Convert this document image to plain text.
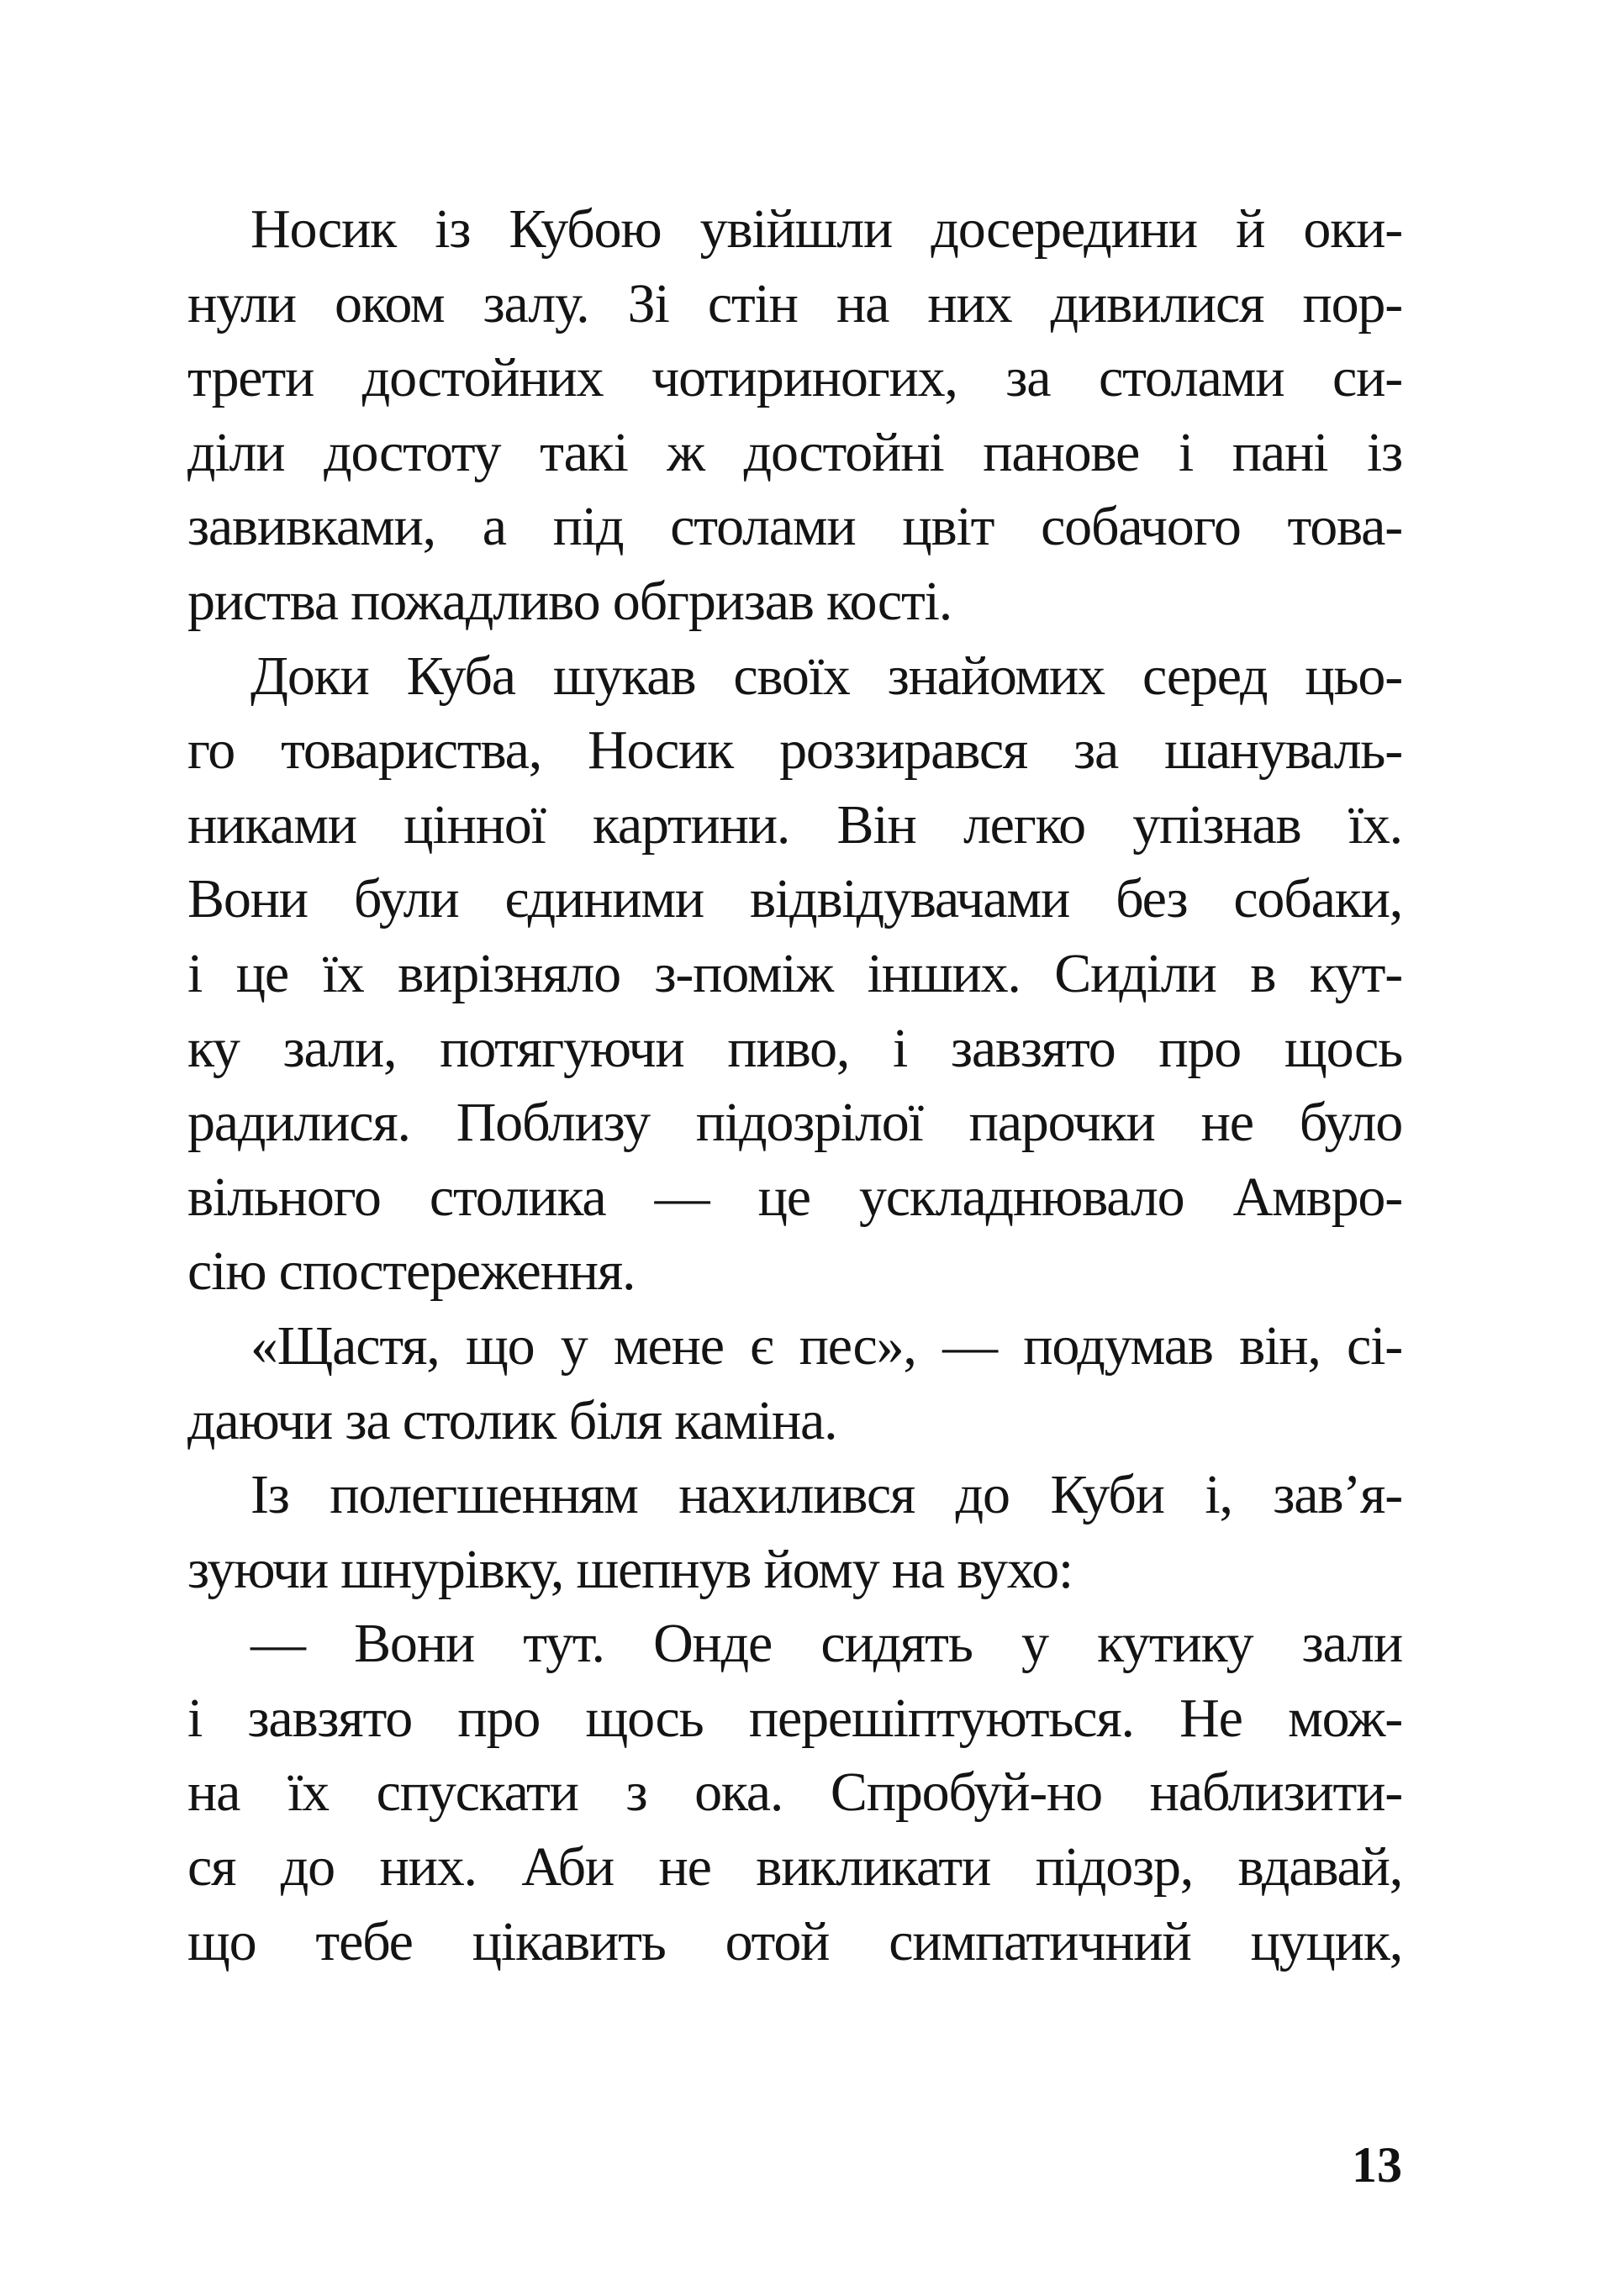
Носик із Кубою увійшли досередини й оки-
нули оком залу. Зі стін на них дивилися пор-
трети достойних чотириногих, за столами си-
діли достоту такі ж достойні панове і пані із
завивками, а під столами цвіт собачого това-
риства пожадливо обгризав кості.
Доки Куба шукав своїх знайомих серед цьо-
го товариства, Носик роззирався за шануваль-
никами цінної картини. Він легко упізнав їх.
Вони були єдиними відвідувачами без собаки,
і це їх вирізняло з-поміж інших. Сиділи в кут-
ку зали, потягуючи пиво, і завзято про щось
радилися. Поблизу підозрілої парочки не було
вільного столика — це ускладнювало Амвро-
сію спостереження.
«Щастя, що у мене є пес», — подумав він, сі-
даючи за столик біля каміна.
Із полегшенням нахилився до Куби і, зав’я-
зуючи шнурівку, шепнув йому на вухо:
— Вони тут. Онде сидять у кутику зали
і завзято про щось перешіптуються. Не мож-
на їх спускати з ока. Спробуй-но наблизити-
ся до них. Аби не викликати підозр, вдавай,
що тебе цікавить отой симпатичний цуцик,
13
